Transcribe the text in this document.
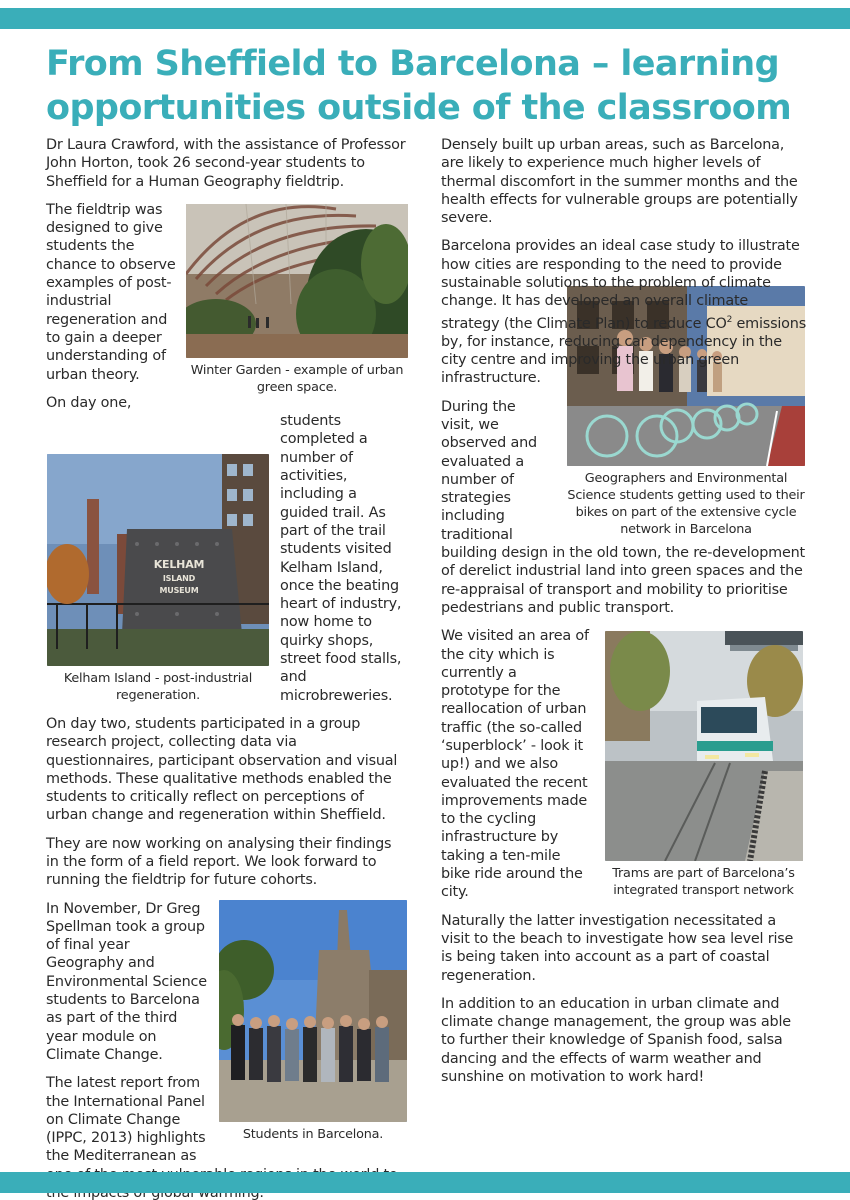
From Sheffield to Barcelona – learning opportunities outside of the classroom

Dr Laura Crawford, with the assistance of Professor John Horton, took 26 second-year students to Sheffield for a Human Geography fieldtrip.

Winter Garden - example of urban green space.

The fieldtrip was designed to give students the chance to observe examples of post-industrial regeneration and to gain a deeper understanding of urban theory.

On day one,

KELHAM
ISLAND
MUSEUM
Kelham Island - post-industrial regeneration.

students completed a number of activities, including a guided trail. As part of the trail students visited Kelham Island, once the beating heart of industry, now home to quirky shops, street food stalls, and microbreweries.

On day two, students participated in a group research project, collecting data via questionnaires, participant observation and visual methods. These qualitative methods enabled the students to critically reflect on perceptions of urban change and regeneration within Sheffield.

They are now working on analysing their findings in the form of a field report. We look forward to running the fieldtrip for future cohorts.

Students in Barcelona.

In November, Dr Greg Spellman took a group of final year Geography and Environmental Science students to Barcelona as part of the third year module on Climate Change.

The latest report from the International Panel on Climate Change (IPPC, 2013) highlights the Mediterranean as

Densely built up urban areas, such as Barcelona, are likely to experience much higher levels of thermal discomfort in the summer months and the health effects for vulnerable groups are potentially severe.

Barcelona provides an ideal case study to illustrate how cities are responding to the need to provide sustainable solutions to the problem of climate change. It has developed an overall climate strategy (the Climate Plan) to reduce $CO^2$ emissions by, for instance, reducing car dependency in the city centre and improving the urban green infrastructure.

Geographers and Environmental Science students getting used to their bikes on part of the extensive cycle network in Barcelona

During the visit, we observed and evaluated a number of strategies including traditional building design in the old town, the re-development of derelict industrial land into green spaces and the re-appraisal of transport and mobility to prioritise pedestrians and public transport.

Trams are part of Barcelona’s integrated transport network

We visited an area of the city which is currently a prototype for the reallocation of urban traffic (the so-called ‘superblock’ - look it up!) and we also evaluated the recent improvements made to the cycling infrastructure by taking a ten-mile bike ride around the city.

Naturally the latter investigation necessitated a visit to the beach to investigate how sea level rise is being taken into account as a part of coastal regeneration.

In addition to an education in urban climate and climate change management, the group was able to further their knowledge of Spanish food, salsa dancing and the effects of warm weather and sunshine on motivation to work hard!
